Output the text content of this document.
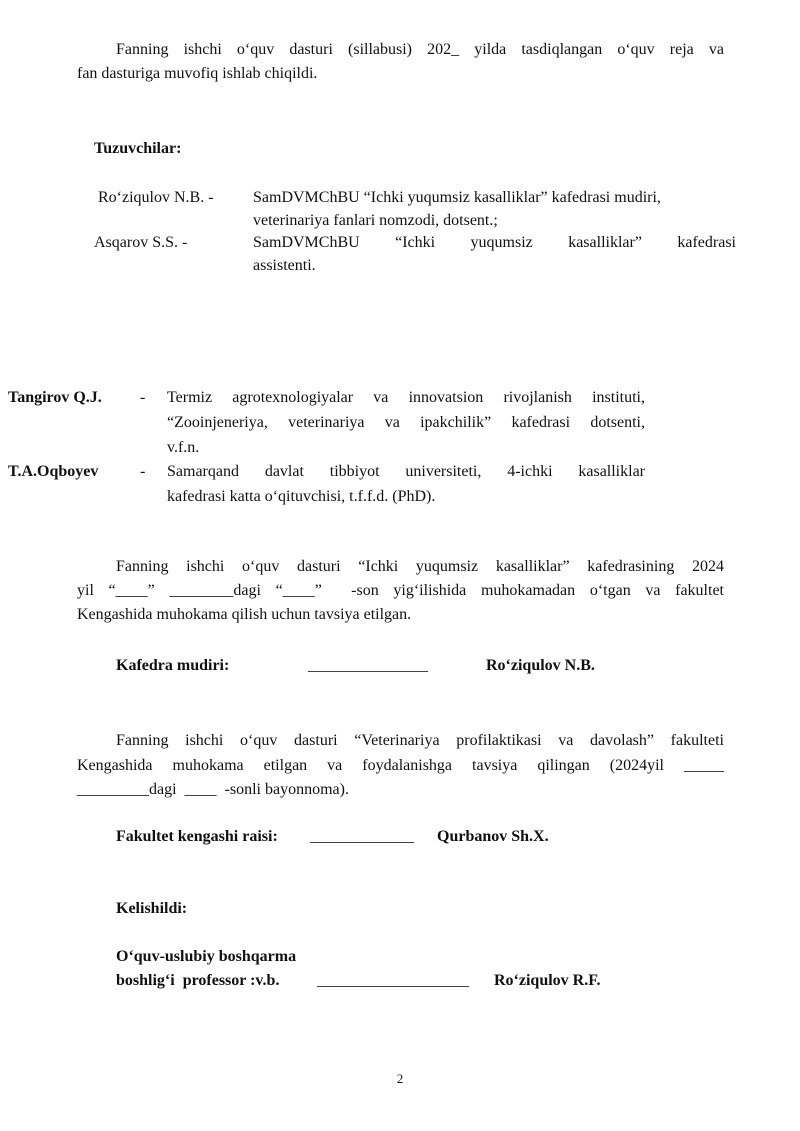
Fanning ishchi o‘quv dasturi (sillabusi) 202_ yilda tasdiqlangan o‘quv reja va
fan dasturiga muvofiq ishlab chiqildi.
Tuzuvchilar:
Ro‘ziqulov N.B. - SamDVMChBU “Ichki yuqumsiz kasalliklar” kafedrasi mudiri,
veterinariya fanlari nomzodi, dotsent.;
Asqarov S.S. -	SamDVMChBU “Ichki yuqumsiz kasalliklar” kafedrasi
assistenti.
Tangirov Q.J. - Termiz agrotexnologiyalar va innovatsion rivojlanish instituti,
“Zooinjeneriya, veterinariya va ipakchilik” kafedrasi dotsenti,
v.f.n.
T.A.Oqboyev	- Samarqand davlat tibbiyot universiteti, 4-ichki kasalliklar
kafedrasi katta o‘qituvchisi, t.f.f.d. (PhD).
Fanning ishchi o‘quv dasturi “Ichki yuqumsiz kasalliklar” kafedrasining 2024
yil “____” ________dagi “____”  -son yig‘ilishida muhokamadan o‘tgan va fakultet
Kengashida muhokama qilish uchun tavsiya etilgan.
Kafedra mudiri:	_______________	Ro‘ziqulov N.B.
Fanning ishchi o‘quv dasturi “Veterinariya profilaktikasi va davolash” fakulteti
Kengashida muhokama etilgan va foydalanishga tavsiya qilingan (2024yil _____
_________dagi  ____  -sonli bayonnoma).
Fakultet kengashi raisi: _____________ Qurbanov Sh.X.
Kelishildi:
O‘quv-uslubiy boshqarma
boshlig‘i  professor :v.b. ___________________ Ro‘ziqulov R.F.
2
